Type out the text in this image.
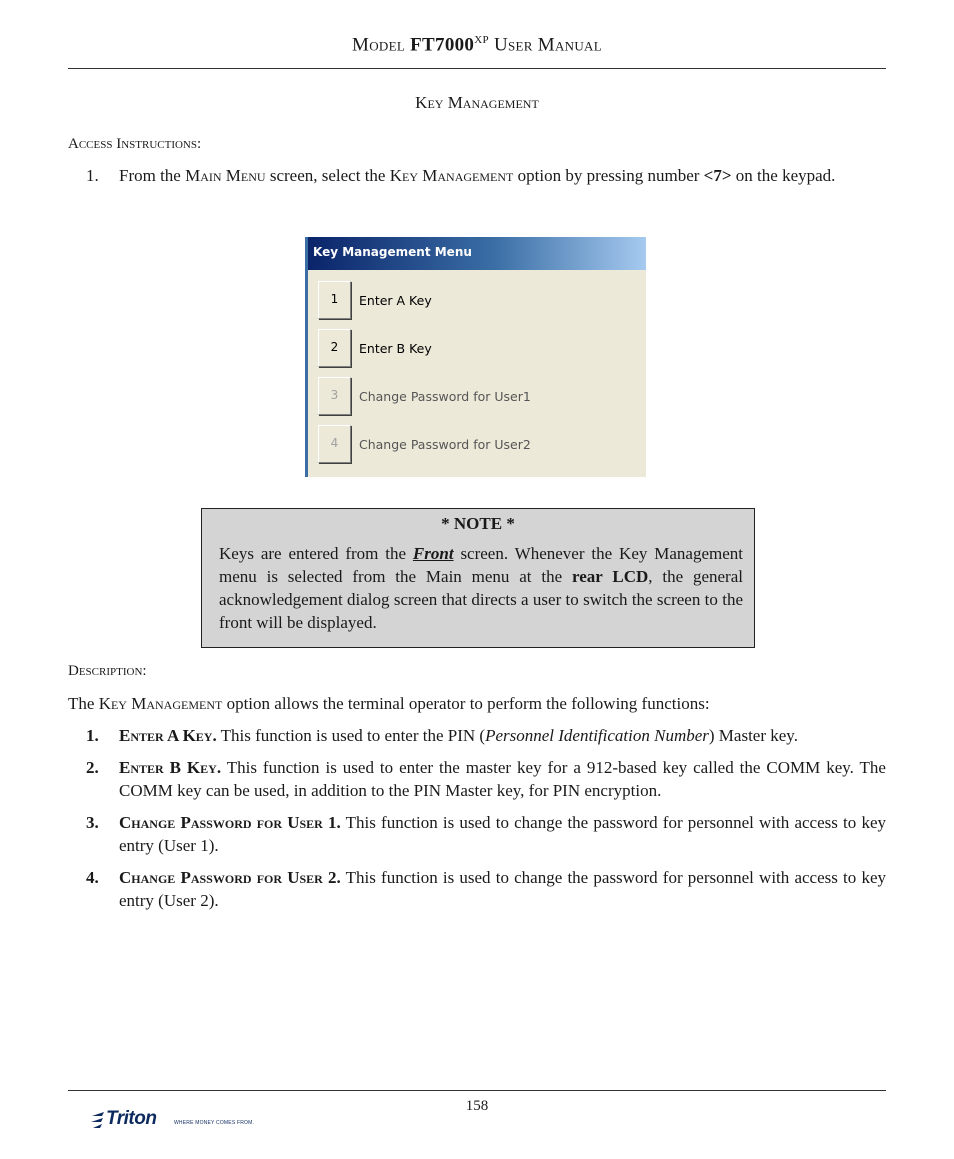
Model $FT7000^{XP}$ User Manual
Key Management
Access Instructions:
1. From the Main Menu screen, select the Key Management option by pressing number <7> on the keypad.
Key Management Menu
1	Enter A Key
2	Enter B Key
3	Change Password for User1
4	Change Password for User2
* NOTE *
Keys are entered from the Front screen. Whenever the Key Management menu is selected from the Main menu at the rear LCD, the general acknowledgement dialog screen that directs a user to switch the screen to the front will be displayed.
Description:
The Key Management option allows the terminal operator to perform the following functions:
1. Enter A Key. This function is used to enter the PIN (Personnel Identification Number) Master key.
2. Enter B Key. This function is used to enter the master key for a 912-based key called the COMM key. The COMM key can be used, in addition to the PIN Master key, for PIN encryption.
3. Change Password for User 1. This function is used to change the password for personnel with access to key entry (User 1).
4. Change Password for User 2. This function is used to change the password for personnel with access to key entry (User 2).
158
Triton	WHERE MONEY COMES FROM.
